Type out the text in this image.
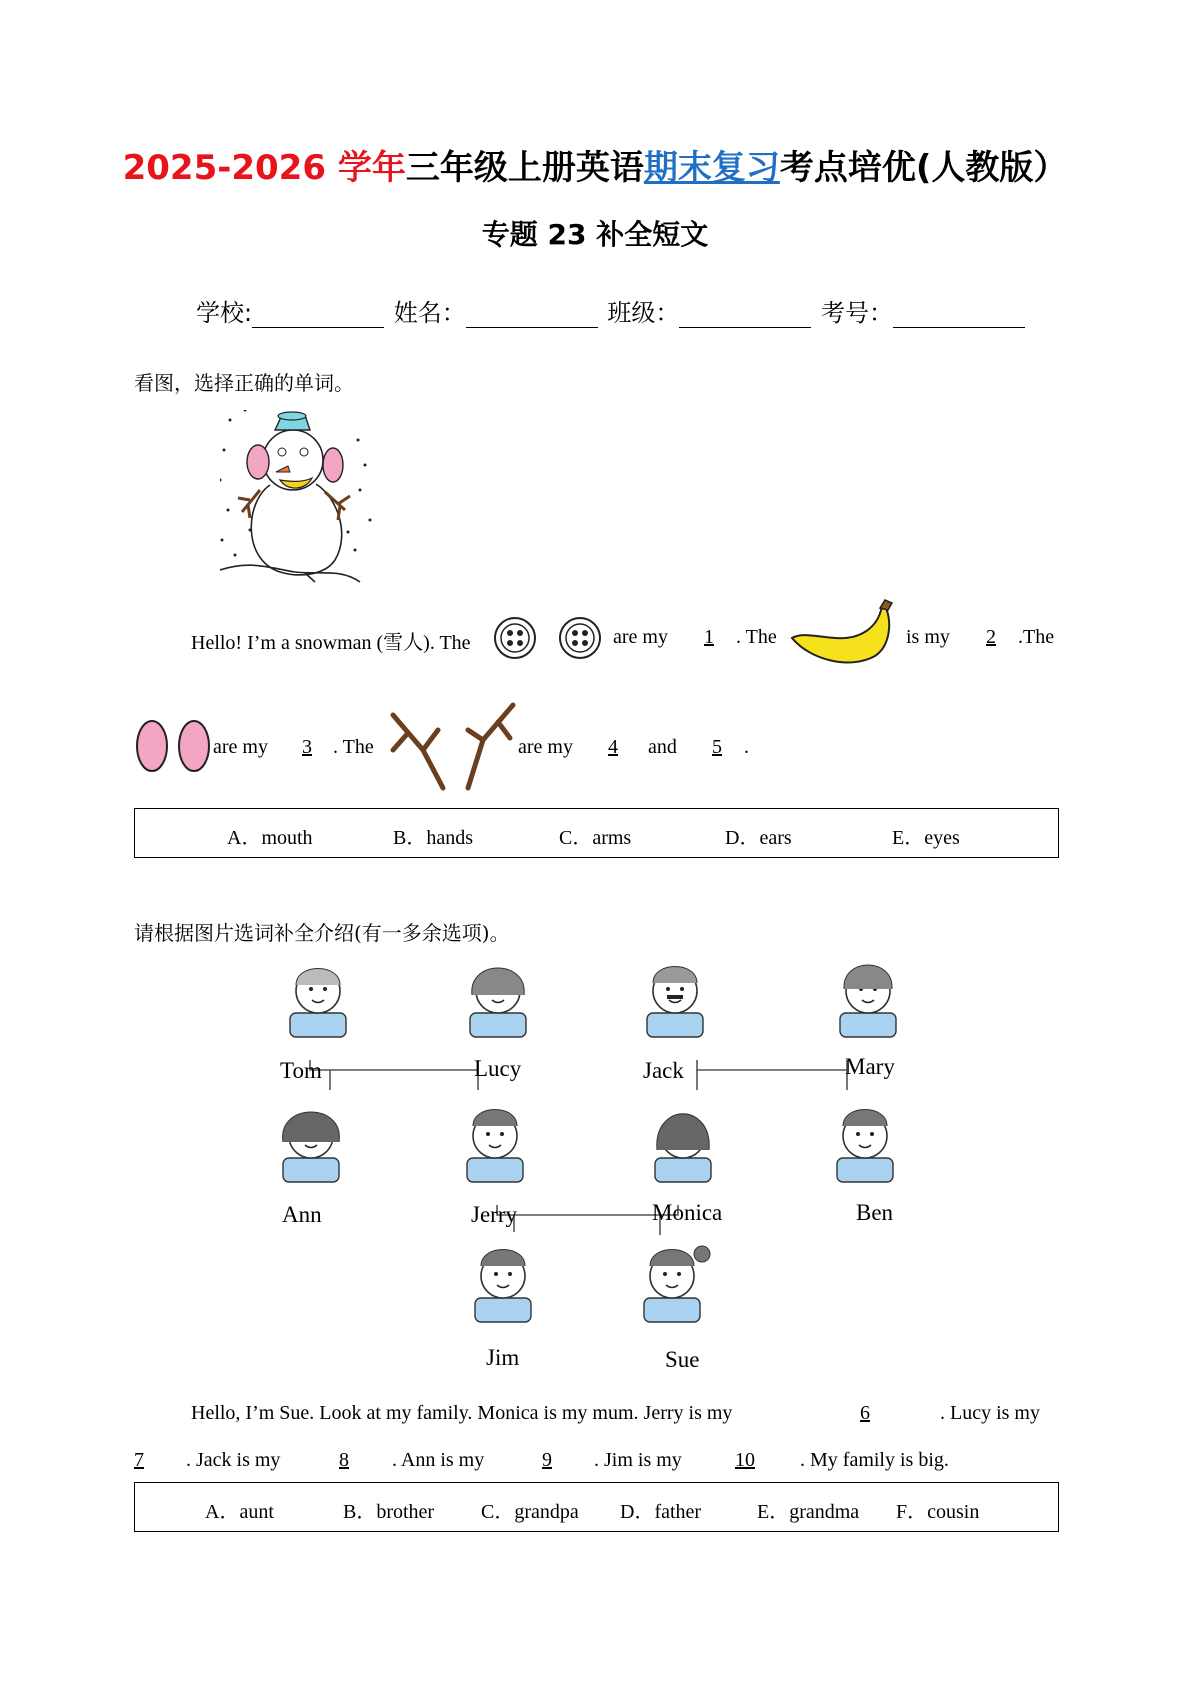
2025-2026 学年三年级上册英语期末复习考点培优(人教版）
专题 23 补全短文
学校:	姓名：	班级：	考号：
看图，选择正确的单词。
Hello! I’m a snowman (雪人). The	are my	1	. The	is my	2	.The
are my	3	. The	are my	4	and	5	.
A．mouth	B．hands	C．arms	D．ears	E．eyes
请根据图片选词补全介绍(有一多余选项)。
Tom	Lucy	Jack	Mary
Ann	Jerry	Monica	Ben
Jim	Sue
Hello, I’m Sue. Look at my family. Monica is my mum. Jerry is my	6	. Lucy is my
7	. Jack is my	8	. Ann is my	9	. Jim is my	10	. My family is big.
A．aunt	B．brother C．grandpa D．father	E．grandma F．cousin
